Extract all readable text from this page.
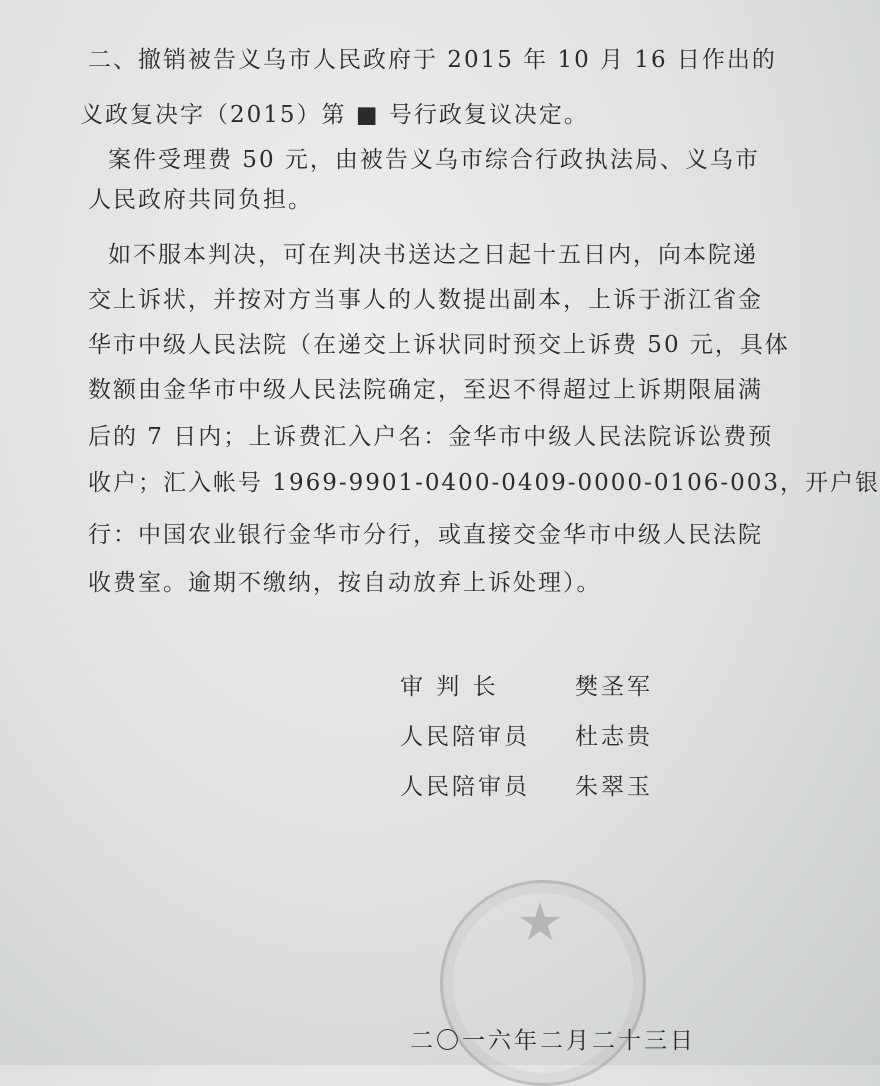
二、撤销被告义乌市人民政府于 2015 年 10 月 16 日作出的
义政复决字（2015）第 ■ 号行政复议决定。
案件受理费 50 元，由被告义乌市综合行政执法局、义乌市
人民政府共同负担。
如不服本判决，可在判决书送达之日起十五日内，向本院递
交上诉状，并按对方当事人的人数提出副本，上诉于浙江省金
华市中级人民法院（在递交上诉状同时预交上诉费 50 元，具体
数额由金华市中级人民法院确定，至迟不得超过上诉期限届满
后的 7 日内；上诉费汇入户名：金华市中级人民法院诉讼费预
收户；汇入帐号 1969-9901-0400-0409-0000-0106-003，开户银
行：中国农业银行金华市分行，或直接交金华市中级人民法院
收费室。逾期不缴纳，按自动放弃上诉处理）。
审 判 长	樊圣军
人民陪审员 杜志贵
人民陪审员 朱翠玉
★
二〇一六年二月二十三日
